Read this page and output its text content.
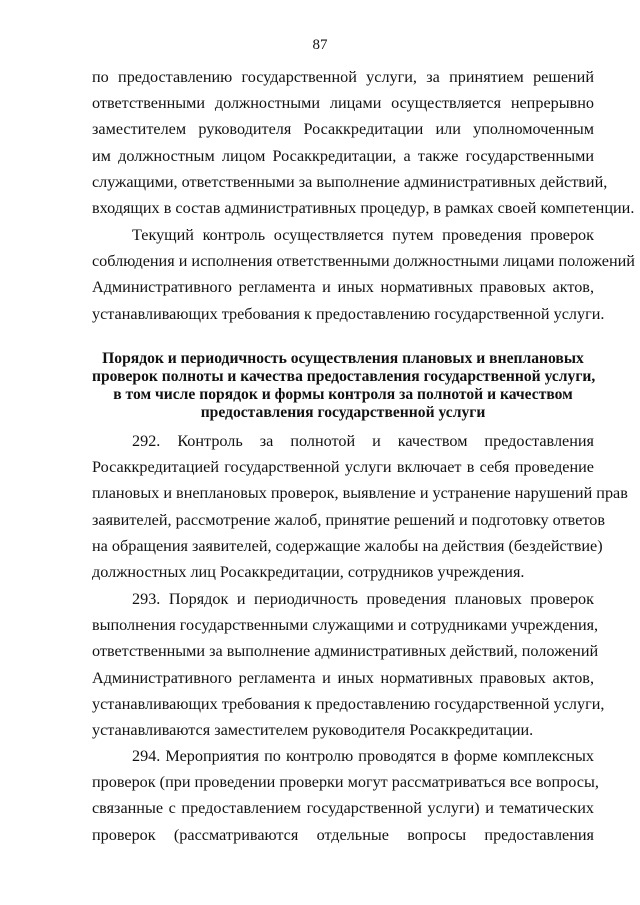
87
по предоставлению государственной услуги, за принятием решений
ответственными должностными лицами осуществляется непрерывно
заместителем руководителя Росаккредитации или уполномоченным
им должностным лицом Росаккредитации, а также государственными
служащими, ответственными за выполнение административных действий,
входящих в состав административных процедур, в рамках своей компетенции.
Текущий контроль осуществляется путем проведения проверок
соблюдения и исполнения ответственными должностными лицами положений
Административного регламента и иных нормативных правовых актов,
устанавливающих требования к предоставлению государственной услуги.
Порядок и периодичность осуществления плановых и внеплановых
проверок полноты и качества предоставления государственной услуги,
в том числе порядок и формы контроля за полнотой и качеством
предоставления государственной услуги
292. Контроль за полнотой и качеством предоставления
Росаккредитацией государственной услуги включает в себя проведение
плановых и внеплановых проверок, выявление и устранение нарушений прав
заявителей, рассмотрение жалоб, принятие решений и подготовку ответов
на обращения заявителей, содержащие жалобы на действия (бездействие)
должностных лиц Росаккредитации, сотрудников учреждения.
293. Порядок и периодичность проведения плановых проверок
выполнения государственными служащими и сотрудниками учреждения,
ответственными за выполнение административных действий, положений
Административного регламента и иных нормативных правовых актов,
устанавливающих требования к предоставлению государственной услуги,
устанавливаются заместителем руководителя Росаккредитации.
294. Мероприятия по контролю проводятся в форме комплексных
проверок (при проведении проверки могут рассматриваться все вопросы,
связанные с предоставлением государственной услуги) и тематических
проверок (рассматриваются отдельные вопросы предоставления
